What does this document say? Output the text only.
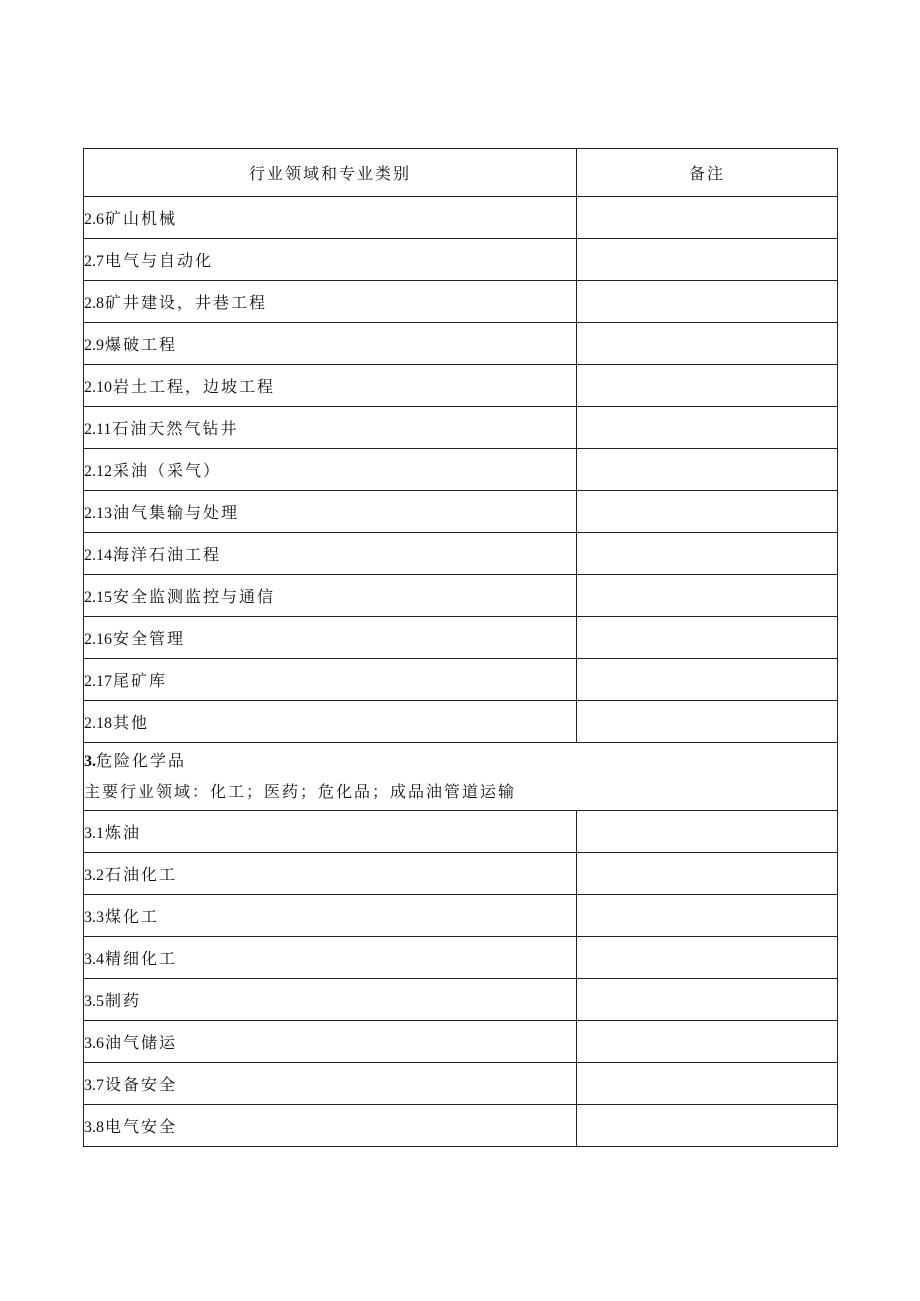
行业领域和专业类别	备注
2.6矿山机械	
2.7电气与自动化	
2.8矿井建设，井巷工程	
2.9爆破工程	
2.10岩土工程，边坡工程	
2.11石油天然气钻井	
2.12采油（采气）	
2.13油气集输与处理	
2.14海洋石油工程	
2.15安全监测监控与通信	
2.16安全管理	
2.17尾矿库	
2.18其他	

3.危险化学品
主要行业领域：化工；医药；危化品；成品油管道运输	

3.1炼油	
3.2石油化工	
3.3煤化工	
3.4精细化工	
3.5制药	
3.6油气储运	
3.7设备安全	
3.8电气安全	
